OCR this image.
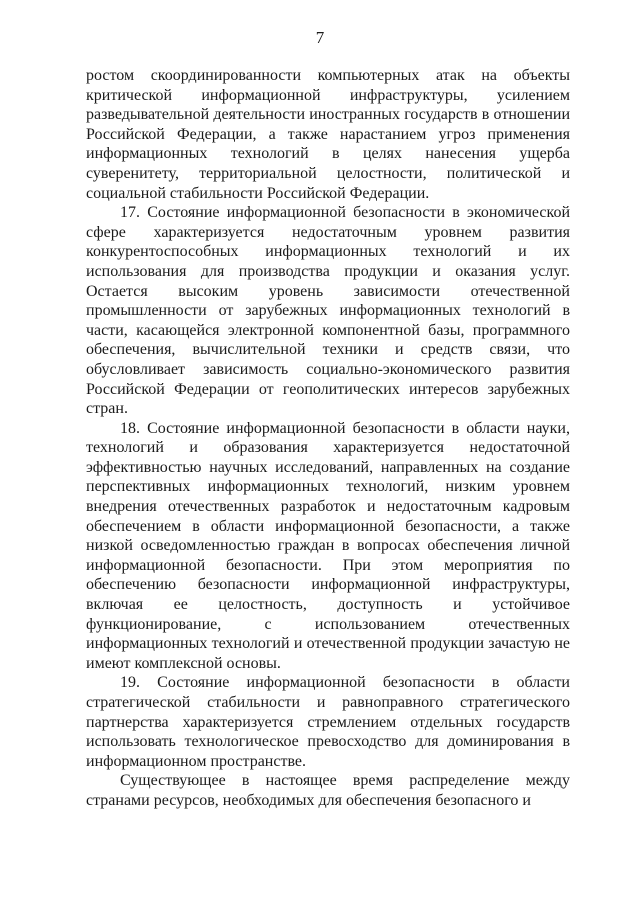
7

ростом скоординированности компьютерных атак на объекты критической информационной инфраструктуры, усилением разведывательной деятельности иностранных государств в отношении Российской Федерации, а также нарастанием угроз применения информационных технологий в целях нанесения ущерба суверенитету, территориальной целостности, политической и социальной стабильности Российской Федерации.

17. Состояние информационной безопасности в экономической сфере характеризуется недостаточным уровнем развития конкурентоспособных информационных технологий и их использования для производства продукции и оказания услуг. Остается высоким уровень зависимости отечественной промышленности от зарубежных информационных технологий в части, касающейся электронной компонентной базы, программного обеспечения, вычислительной техники и средств связи, что обусловливает зависимость социально-экономического развития Российской Федерации от геополитических интересов зарубежных стран.

18. Состояние информационной безопасности в области науки, технологий и образования характеризуется недостаточной эффективностью научных исследований, направленных на создание перспективных информационных технологий, низким уровнем внедрения отечественных разработок и недостаточным кадровым обеспечением в области информационной безопасности, а также низкой осведомленностью граждан в вопросах обеспечения личной информационной безопасности. При этом мероприятия по обеспечению безопасности информационной инфраструктуры, включая ее целостность, доступность и устойчивое функционирование, с использованием отечественных информационных технологий и отечественной продукции зачастую не имеют комплексной основы.

19. Состояние информационной безопасности в области стратегической стабильности и равноправного стратегического партнерства характеризуется стремлением отдельных государств использовать технологическое превосходство для доминирования в информационном пространстве.

Существующее в настоящее время распределение между странами ресурсов, необходимых для обеспечения безопасного и
